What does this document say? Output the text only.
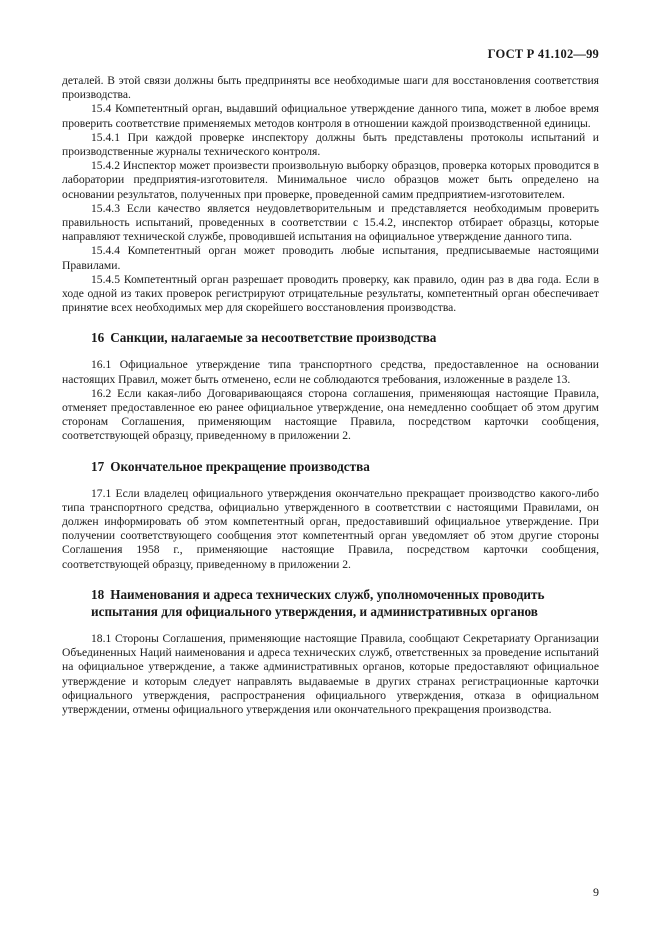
ГОСТ Р 41.102—99

деталей. В этой связи должны быть предприняты все необходимые шаги для восстановления соответствия производства.

15.4 Компетентный орган, выдавший официальное утверждение данного типа, может в любое время проверить соответствие применяемых методов контроля в отношении каждой производственной единицы.

15.4.1 При каждой проверке инспектору должны быть представлены протоколы испытаний и производственные журналы технического контроля.

15.4.2 Инспектор может произвести произвольную выборку образцов, проверка которых проводится в лаборатории предприятия-изготовителя. Минимальное число образцов может быть определено на основании результатов, полученных при проверке, проведенной самим предприятием-изготовителем.

15.4.3 Если качество является неудовлетворительным и представляется необходимым проверить правильность испытаний, проведенных в соответствии с 15.4.2, инспектор отбирает образцы, которые направляют технической службе, проводившей испытания на официальное утверждение данного типа.

15.4.4 Компетентный орган может проводить любые испытания, предписываемые настоящими Правилами.

15.4.5 Компетентный орган разрешает проводить проверку, как правило, один раз в два года. Если в ходе одной из таких проверок регистрируют отрицательные результаты, компетентный орган обеспечивает принятие всех необходимых мер для скорейшего восстановления производства.

16 Санкции, налагаемые за несоответствие производства

16.1 Официальное утверждение типа транспортного средства, предоставленное на основании настоящих Правил, может быть отменено, если не соблюдаются требования, изложенные в разделе 13.

16.2 Если какая-либо Договаривающаяся сторона соглашения, применяющая настоящие Правила, отменяет предоставленное ею ранее официальное утверждение, она немедленно сообщает об этом другим сторонам Соглашения, применяющим настоящие Правила, посредством карточки сообщения, соответствующей образцу, приведенному в приложении 2.

17 Окончательное прекращение производства

17.1 Если владелец официального утверждения окончательно прекращает производство какого-либо типа транспортного средства, официально утвержденного в соответствии с настоящими Правилами, он должен информировать об этом компетентный орган, предоставивший официальное утверждение. При получении соответствующего сообщения этот компетентный орган уведомляет об этом другие стороны Соглашения 1958 г., применяющие настоящие Правила, посредством карточки сообщения, соответствующей образцу, приведенному в приложении 2.

18 Наименования и адреса технических служб, уполномоченных проводить
испытания для официального утверждения, и административных органов

18.1 Стороны Соглашения, применяющие настоящие Правила, сообщают Секретариату Организации Объединенных Наций наименования и адреса технических служб, ответственных за проведение испытаний на официальное утверждение, а также административных органов, которые предоставляют официальное утверждение и которым следует направлять выдаваемые в других странах регистрационные карточки официального утверждения, распространения официального утверждения, отказа в официальном утверждении, отмены официального утверждения или окончательного прекращения производства.

9
